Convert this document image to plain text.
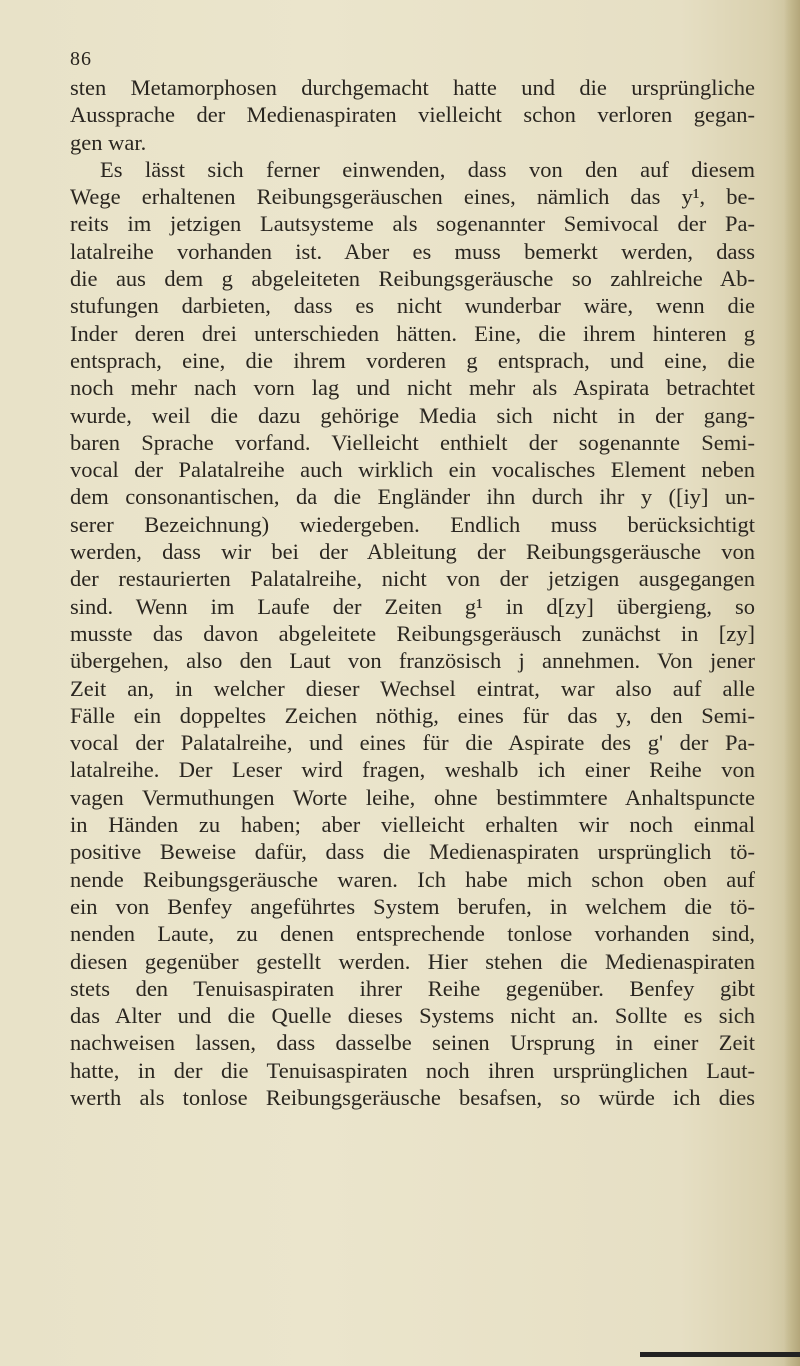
86
sten Metamorphosen durchgemacht hatte und die ursprüngliche
Aussprache der Medienaspiraten vielleicht schon verloren gegan-
gen war.
Es lässt sich ferner einwenden, dass von den auf diesem
Wege erhaltenen Reibungsgeräuschen eines, nämlich das y¹, be-
reits im jetzigen Lautsysteme als sogenannter Semivocal der Pa-
latalreihe vorhanden ist. Aber es muss bemerkt werden, dass
die aus dem g abgeleiteten Reibungsgeräusche so zahlreiche Ab-
stufungen darbieten, dass es nicht wunderbar wäre, wenn die
Inder deren drei unterschieden hätten. Eine, die ihrem hinteren g
entsprach, eine, die ihrem vorderen g entsprach, und eine, die
noch mehr nach vorn lag und nicht mehr als Aspirata betrachtet
wurde, weil die dazu gehörige Media sich nicht in der gang-
baren Sprache vorfand. Vielleicht enthielt der sogenannte Semi-
vocal der Palatalreihe auch wirklich ein vocalisches Element neben
dem consonantischen, da die Engländer ihn durch ihr y ([iy] un-
serer Bezeichnung) wiedergeben. Endlich muss berücksichtigt
werden, dass wir bei der Ableitung der Reibungsgeräusche von
der restaurierten Palatalreihe, nicht von der jetzigen ausgegangen
sind. Wenn im Laufe der Zeiten g¹ in d[zy] übergieng, so
musste das davon abgeleitete Reibungsgeräusch zunächst in [zy]
übergehen, also den Laut von französisch j annehmen. Von jener
Zeit an, in welcher dieser Wechsel eintrat, war also auf alle
Fälle ein doppeltes Zeichen nöthig, eines für das y, den Semi-
vocal der Palatalreihe, und eines für die Aspirate des g' der Pa-
latalreihe. Der Leser wird fragen, weshalb ich einer Reihe von
vagen Vermuthungen Worte leihe, ohne bestimmtere Anhaltspuncte
in Händen zu haben; aber vielleicht erhalten wir noch einmal
positive Beweise dafür, dass die Medienaspiraten ursprünglich tö-
nende Reibungsgeräusche waren. Ich habe mich schon oben auf
ein von Benfey angeführtes System berufen, in welchem die tö-
nenden Laute, zu denen entsprechende tonlose vorhanden sind,
diesen gegenüber gestellt werden. Hier stehen die Medienaspiraten
stets den Tenuisaspiraten ihrer Reihe gegenüber. Benfey gibt
das Alter und die Quelle dieses Systems nicht an. Sollte es sich
nachweisen lassen, dass dasselbe seinen Ursprung in einer Zeit
hatte, in der die Tenuisaspiraten noch ihren ursprünglichen Laut-
werth als tonlose Reibungsgeräusche besafsen, so würde ich dies
